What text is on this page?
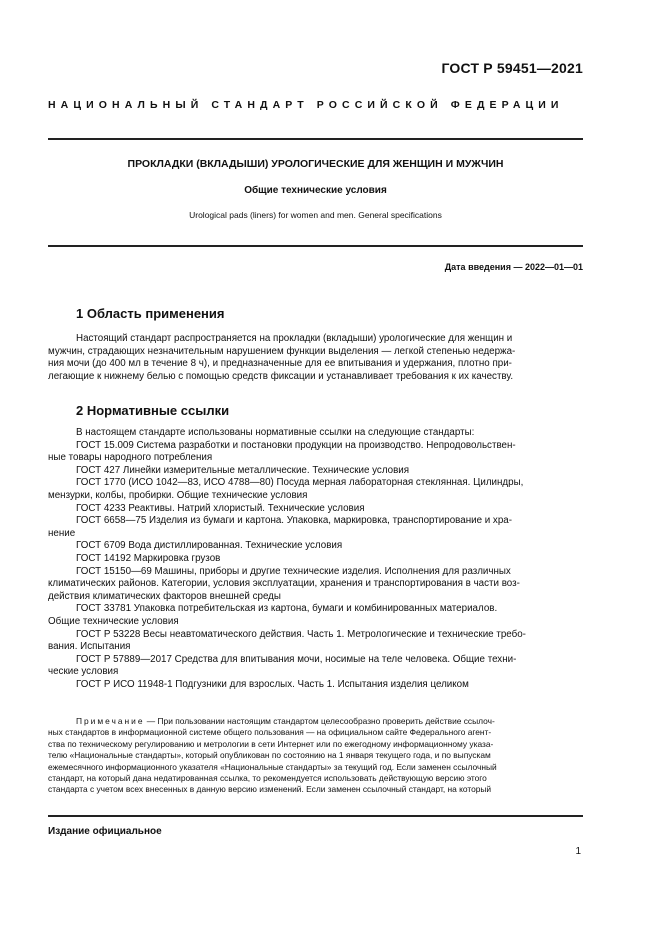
ГОСТ Р 59451—2021
НАЦИОНАЛЬНЫЙ СТАНДАРТ РОССИЙСКОЙ ФЕДЕРАЦИИ
ПРОКЛАДКИ (ВКЛАДЫШИ) УРОЛОГИЧЕСКИЕ ДЛЯ ЖЕНЩИН И МУЖЧИН
Общие технические условия
Urological pads (liners) for women and men. General specifications
Дата введения — 2022—01—01
1 Область применения
Настоящий стандарт распространяется на прокладки (вкладыши) урологические для женщин и
мужчин, страдающих незначительным нарушением функции выделения — легкой степенью недержа-
ния мочи (до 400 мл в течение 8 ч), и предназначенные для ее впитывания и удержания, плотно при-
легающие к нижнему белью с помощью средств фиксации и устанавливает требования к их качеству.
2 Нормативные ссылки
В настоящем стандарте использованы нормативные ссылки на следующие стандарты:
ГОСТ 15.009 Система разработки и постановки продукции на производство. Непродовольствен-
ные товары народного потребления
ГОСТ 427 Линейки измерительные металлические. Технические условия
ГОСТ 1770 (ИСО 1042—83, ИСО 4788—80) Посуда мерная лабораторная стеклянная. Цилиндры,
мензурки, колбы, пробирки. Общие технические условия
ГОСТ 4233 Реактивы. Натрий хлористый. Технические условия
ГОСТ 6658—75 Изделия из бумаги и картона. Упаковка, маркировка, транспортирование и хра-
нение
ГОСТ 6709 Вода дистиллированная. Технические условия
ГОСТ 14192 Маркировка грузов
ГОСТ 15150—69 Машины, приборы и другие технические изделия. Исполнения для различных
климатических районов. Категории, условия эксплуатации, хранения и транспортирования в части воз-
действия климатических факторов внешней среды
ГОСТ 33781 Упаковка потребительская из картона, бумаги и комбинированных материалов.
Общие технические условия
ГОСТ Р 53228 Весы неавтоматического действия. Часть 1. Метрологические и технические требо-
вания. Испытания
ГОСТ Р 57889—2017 Средства для впитывания мочи, носимые на теле человека. Общие техни-
ческие условия
ГОСТ Р ИСО 11948-1 Подгузники для взрослых. Часть 1. Испытания изделия целиком
Примечание — При пользовании настоящим стандартом целесообразно проверить действие ссылоч-
ных стандартов в информационной системе общего пользования — на официальном сайте Федерального агент-
ства по техническому регулированию и метрологии в сети Интернет или по ежегодному информационному указа-
телю «Национальные стандарты», который опубликован по состоянию на 1 января текущего года, и по выпускам
ежемесячного информационного указателя «Национальные стандарты» за текущий год. Если заменен ссылочный
стандарт, на который дана недатированная ссылка, то рекомендуется использовать действующую версию этого
стандарта с учетом всех внесенных в данную версию изменений. Если заменен ссылочный стандарт, на который
Издание официальное
1
